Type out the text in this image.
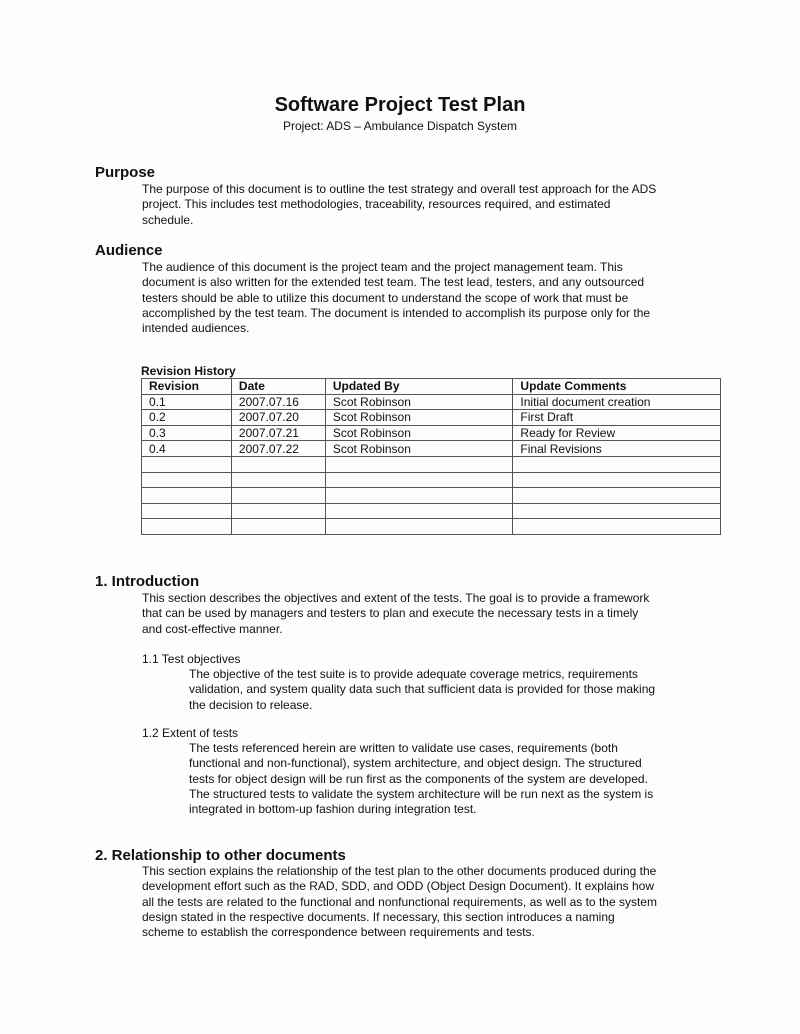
Software Project Test Plan
Project: ADS – Ambulance Dispatch System
Purpose
The purpose of this document is to outline the test strategy and overall test approach for the ADS
project. This includes test methodologies, traceability, resources required, and estimated
schedule.
Audience
The audience of this document is the project team and the project management team. This
document is also written for the extended test team. The test lead, testers, and any outsourced
testers should be able to utilize this document to understand the scope of work that must be
accomplished by the test team. The document is intended to accomplish its purpose only for the
intended audiences.
Revision History
Revision	Date	Updated By	Update Comments
0.1	2007.07.16	Scot Robinson	Initial document creation
0.2	2007.07.20	Scot Robinson	First Draft
0.3	2007.07.21	Scot Robinson	Ready for Review
0.4	2007.07.22	Scot Robinson	Final Revisions

1. Introduction
This section describes the objectives and extent of the tests. The goal is to provide a framework
that can be used by managers and testers to plan and execute the necessary tests in a timely
and cost-effective manner.
1.1 Test objectives
The objective of the test suite is to provide adequate coverage metrics, requirements
validation, and system quality data such that sufficient data is provided for those making
the decision to release.
1.2 Extent of tests
The tests referenced herein are written to validate use cases, requirements (both
functional and non-functional), system architecture, and object design. The structured
tests for object design will be run first as the components of the system are developed.
The structured tests to validate the system architecture will be run next as the system is
integrated in bottom-up fashion during integration test.
2. Relationship to other documents
This section explains the relationship of the test plan to the other documents produced during the
development effort such as the RAD, SDD, and ODD (Object Design Document). It explains how
all the tests are related to the functional and nonfunctional requirements, as well as to the system
design stated in the respective documents. If necessary, this section introduces a naming
scheme to establish the correspondence between requirements and tests.
